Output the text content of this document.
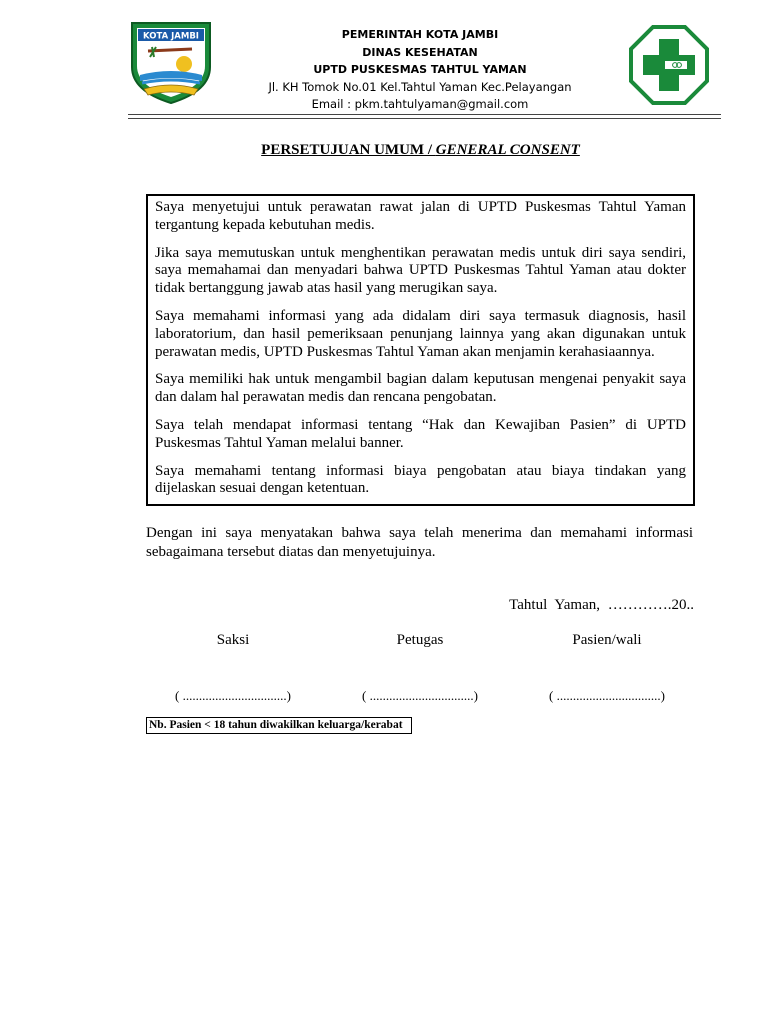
KOTA JAMBI	PEMERINTAH KOTA JAMBI
DINAS KESEHATAN
UPTD PUSKESMAS TAHTUL YAMAN
Jl. KH Tomok No.01 Kel.Tahtul Yaman Kec.Pelayangan
Email : pkm.tahtulyaman@gmail.com
PERSETUJUAN UMUM / GENERAL CONSENT

Saya menyetujui untuk perawatan rawat jalan di UPTD Puskesmas Tahtul Yaman tergantung kepada kebutuhan medis.

Jika saya memutuskan untuk menghentikan perawatan medis untuk diri saya sendiri, saya memahamai dan menyadari bahwa UPTD Puskesmas Tahtul Yaman atau dokter tidak bertanggung jawab atas hasil yang merugikan saya.

Saya memahami informasi yang ada didalam diri saya termasuk diagnosis, hasil laboratorium, dan hasil pemeriksaan penunjang lainnya yang akan digunakan untuk perawatan medis, UPTD Puskesmas Tahtul Yaman akan menjamin kerahasiaannya.

Saya memiliki hak untuk mengambil bagian dalam keputusan mengenai penyakit saya dan dalam hal perawatan medis dan rencana pengobatan.

Saya telah mendapat informasi tentang “Hak dan Kewajiban Pasien” di UPTD Puskesmas Tahtul Yaman melalui banner.

Saya memahami tentang informasi biaya pengobatan atau biaya tindakan yang dijelaskan sesuai dengan ketentuan.

Dengan ini saya menyatakan bahwa saya telah menerima dan memahami informasi sebagaimana tersebut diatas dan menyetujuinya.

Tahtul Yaman, ………….20..
Saksi	Petugas	Pasien/wali
( ................................)	( ................................)	( ................................)
Nb. Pasien < 18 tahun diwakilkan keluarga/kerabat
